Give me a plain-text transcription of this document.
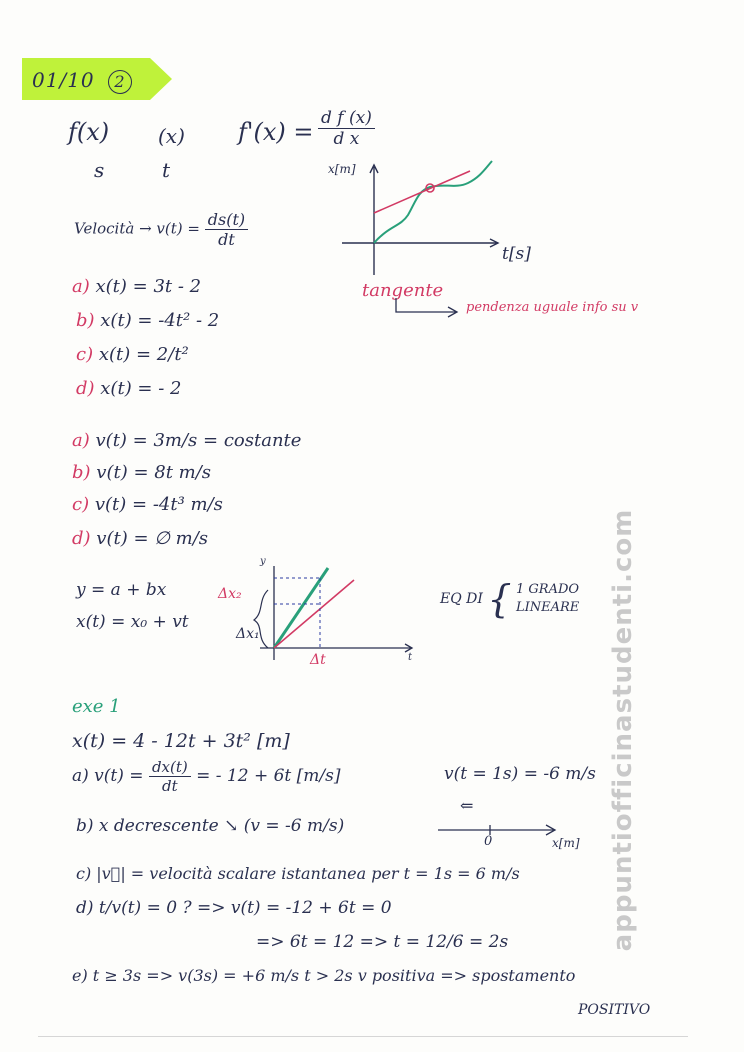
01/10 2
f(x) (x) $f'(x) = \frac{\text{d f (x)}}{\text{d x}}$
s	t
Velocità → $v(t) = \frac{ds(t)}{dt}$
x[m]
t[s]
tangente
pendenza uguale info su v
a) x(t) = 3t - 2
b) x(t) = -4t² - 2
c) x(t) = 2/t²
d) x(t) = - 2
a) v(t) = 3m/s = costante
b) v(t) = 8t m/s
c) v(t) = -4t³ m/s
d) v(t) = ∅ m/s
y = a + bx
x(t) = x₀ + vt
Δx₂
Δx₁
Δt
y
t
EQ DI { 1 GRADO
LINEARE
exe 1
x(t) = 4 - 12t + 3t² [m]
a) $v(t) = \frac{dx(t)}{dt}$ = - 12 + 6t [m/s]	v(t = 1s) = -6 m/s
b) x decrescente ↘ (v = -6 m/s)
⇐
0	x[m]
c) |v⃗| = velocità scalare istantanea per t = 1s = 6 m/s
d) t/v(t) = 0 ? => v(t) = -12 + 6t = 0
=> 6t = 12 => t = 12/6 = 2s
e) t ≥ 3s => v(3s) = +6 m/s t > 2s v positiva => spostamento
POSITIVO
appuntiofficinastudenti.com
